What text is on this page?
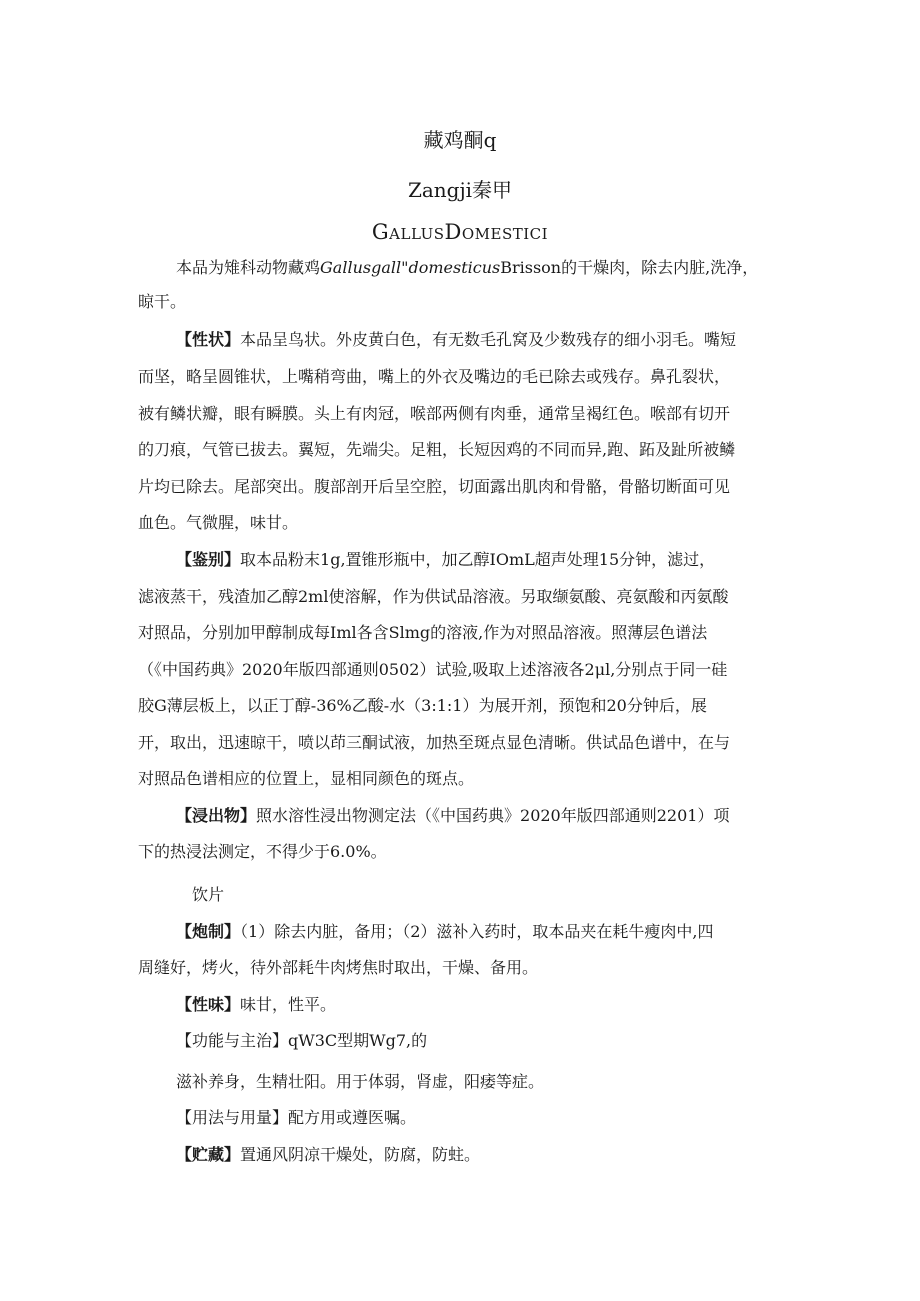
藏鸡酮q
Zangji秦甲
GALLUSDOMESTICI
本品为雉科动物藏鸡Gallusgall"domesticusBrisson的干燥肉，除去内脏,洗净，
晾干。
【性状】本品呈鸟状。外皮黄白色，有无数毛孔窝及少数残存的细小羽毛。嘴短
而坚，略呈圆锥状，上嘴稍弯曲，嘴上的外衣及嘴边的毛已除去或残存。鼻孔裂状，
被有鳞状瓣，眼有瞬膜。头上有肉冠，喉部两侧有肉垂，通常呈褐红色。喉部有切开
的刀痕，气管已拔去。翼短，先端尖。足粗，长短因鸡的不同而异,跑、跖及趾所被鳞
片均已除去。尾部突出。腹部剖开后呈空腔，切面露出肌肉和骨骼，骨骼切断面可见
血色。气微腥，味甘。
【鉴别】取本品粉末1g,置锥形瓶中，加乙醇IOmL超声处理15分钟，滤过，
滤液蒸干，残渣加乙醇2ml使溶解，作为供试品溶液。另取缬氨酸、亮氨酸和丙氨酸
对照品，分别加甲醇制成每Iml各含Slmg的溶液,作为对照品溶液。照薄层色谱法
（《中国药典》2020年版四部通则0502）试验,吸取上述溶液各2μl,分别点于同一硅
胶G薄层板上，以正丁醇-36%乙酸-水（3:1:1）为展开剂，预饱和20分钟后，展
开，取出，迅速晾干，喷以茚三酮试液，加热至斑点显色清晰。供试品色谱中，在与
对照品色谱相应的位置上，显相同颜色的斑点。
【浸出物】照水溶性浸出物测定法（《中国药典》2020年版四部通则2201）项
下的热浸法测定，不得少于6.0%。
饮片
【炮制】（1）除去内脏，备用；（2）滋补入药时，取本品夹在耗牛瘦肉中,四
周缝好，烤火，待外部耗牛肉烤焦时取出，干燥、备用。
【性味】味甘，性平。
【功能与主治】qW3C型期Wg7,的
滋补养身，生精壮阳。用于体弱，肾虚，阳痿等症。
【用法与用量】配方用或遵医嘱。
【贮藏】置通风阴凉干燥处，防腐，防蛀。
